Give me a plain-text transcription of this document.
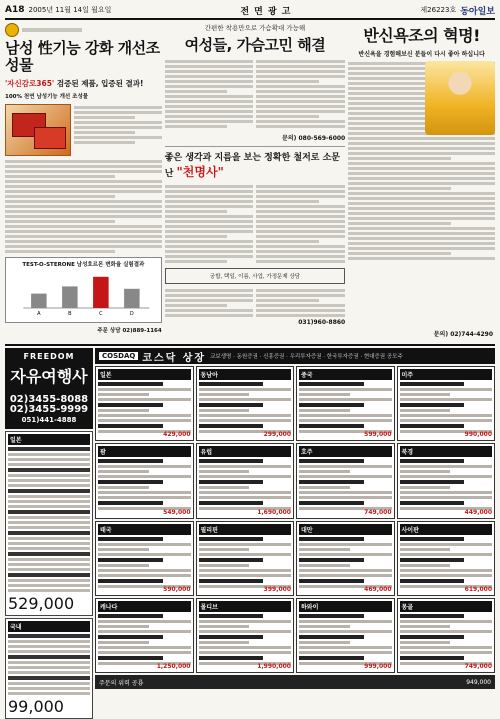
A18 2005년 11월 14일 월요일	전 면 광 고	제26223호 동아일보
남성 性기능 강화 개선조성물
'자신감로365' 검증된 제품, 입증된 결과!
100% 천연 남성기능 개선 조성물
TEST-O-STERONE 남성호르몬 변화율 실험결과
A	B	C	D
주문 상담 02)889-1164
간편한 착용만으로 가슴확대 가능해
여성들, 가슴고민 해결
문의) 080-569-6000
좋은 생각과 지름을 보는 정확한 철저로 소문난 "천명사"
궁합, 택일, 이름, 사업, 가정문제 상담
031)960-8860
반신욕조의 혁명!
반신욕을 경험해보신 분들이 다시 좋아 하십니다
문의) 02)744-4290
FREEDOM
자유여행사
02)3455-8088
02)3455-9999
051)441-4888
일본
529,000
국내
99,000
COSDAQ 코스닥 상장 교보생명 · 동원증권 · 신흥증권 · 우리투자증권 · 한국투자증권 · 현대증권 공모주
일본
429,000
동남아
299,000
중국
599,000
미주
990,000
괌
549,000
유럽
1,690,000
호주
749,000
북경
449,000
태국
590,000
필리핀
399,000
대만
469,000
사이판
619,000
캐나다
1,250,000
몰디브
1,990,000
하와이
999,000
몽골
749,000
주문의 위력 공룡	949,000
